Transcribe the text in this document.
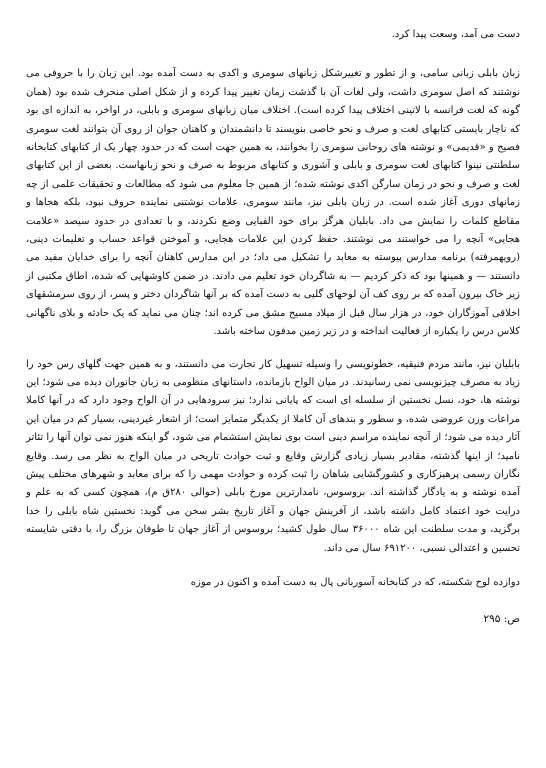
دست می آمد، وسعت پیدا کرد.

زبان بابلی زبانی سامی، و از تطور و تغییرشکل زبانهای سومری و اکدی به دست آمده بود. این زبان را با حروفی می نوشتند که اصل سومری داشت، ولی لغات آن با گذشت زمان تغییر پیدا کرده و از شکل اصلی منحرف شده بود (همان گونه که لغت فرانسه با لاتینی اختلاف پیدا کرده است). اختلاف میان زبانهای سومری و بابلی، در اواخر، به اندازه ای بود که ناچار بایستی کتابهای لغت و صرف و نحو خاصی بنویسند تا دانشمندان و کاهنان جوان از روی آن بتوانند لغت سومری فصیح و «قدیمی» و نوشته های روحانی سومری را بخوانند، به همین جهت است که در حدود چهار یک از کتابهای کتابخانه سلطنتی نینوا کتابهای لغت سومری و بابلی و آشوری و کتابهای مربوط به صرف و نحو زبانهاست. بعضی از این کتابهای لغت و صرف و نحو در زمان سارگن اکدی نوشته شده؛ از همین جا معلوم می شود که مطالعات و تحقیقات علمی از چه زمانهای دوری آغاز شده است. در زبان بابلی نیز، مانند سومری، علامات نوشتنی نماینده حروف نبود، بلکه هجاها و مقاطع کلمات را نمایش می داد. بابلیان هرگز برای خود الفبایی وضع نکردند، و با تعدادی در حدود سیصد «علامت هجایی» آنچه را می خواستند می نوشتند. حفظ کردن این علامات هجایی، و آموختن قواعد حساب و تعلیمات دینی، (رویهمرفته) برنامه مدارس پیوسته به معابد را تشکیل می داد؛ در این مدارس کاهنان آنچه را برای خدایان مفید می دانستند — و همینها بود که ذکر کردیم — به شاگردان خود تعلیم می دادند. در ضمن کاوشهایی که شده، اطاق مکتبی از زیر خاک بیرون آمده که بر روی کف آن لوحهای گلیی به دست آمده که بر آنها شاگردان دختر و پسر، از روی سرمشقهای اخلاقی آموزگاران خود، در هزار سال قبل از میلاد مسیح مشق می کرده اند؛ چنان می نماید که یک حادثه و بلای ناگهانی کلاس درس را یکباره از فعالیت انداخته و در زیر زمین مدفون ساخته باشد.

بابلیان نیز، مانند مردم فنیقیه، خطونویسی را وسیله تسهیل کار تجارت می دانستند، و به همین جهت گلهای رس خود را زیاد به مصرف چیزنویسی نمی رسانیدند. در میان الواح بازمانده، داستانهای منظومی به زبان جانوران دیده می شود؛ این نوشته ها، خود، نسل نخستین از سلسله ای است که پایانی ندارد؛ نیز سرودهایی در آن الواح وجود دارد که در آنها کاملا مراعات وزن عروضی شده، و سطور و بندهای آن کاملا از یکدیگر متمایز است؛ از اشعار غیردینی، بسیار کم در میان این آثار دیده می شود؛ از آنچه نماینده مراسم دینی است بوی نمایش استشمام می شود، گو اینکه هنوز نمی توان آنها را تئاتر نامید؛ از اینها گذشته، مقادیر بسیار زیادی گزارش وقایع و ثبت حوادث تاریخی در میان الواح به نظر می رسد. وقایع نگاران رسمی پرهیزکاری و کشورگشایی شاهان را ثبت کرده و حوادث مهمی را که برای معابد و شهرهای مختلف پیش آمده نوشته و به یادگار گذاشته اند. بروسوس، نامدارترین مورخ بابلی (حوالی ۲۸۰ق م)، همچون کسی که به علم و درایت خود اعتماد کامل داشته باشد، از آفرینش جهان و آغاز تاریخ بشر سخن می گوید: نخستین شاه بابلی را خدا برگزید، و مدت سلطنت این شاه ۳۶۰۰۰ سال طول کشید؛ بروسوس از آغاز جهان تا طوفان بزرگ را، با دقتی شایسته تحسین و اعتدالی نسبی، ۶۹۱۲۰۰ سال می داند.

دوازده لوح شکسته، که در کتابخانه آسوربانی پال به دست آمده و اکنون در موزه

ص: ۲۹۵
